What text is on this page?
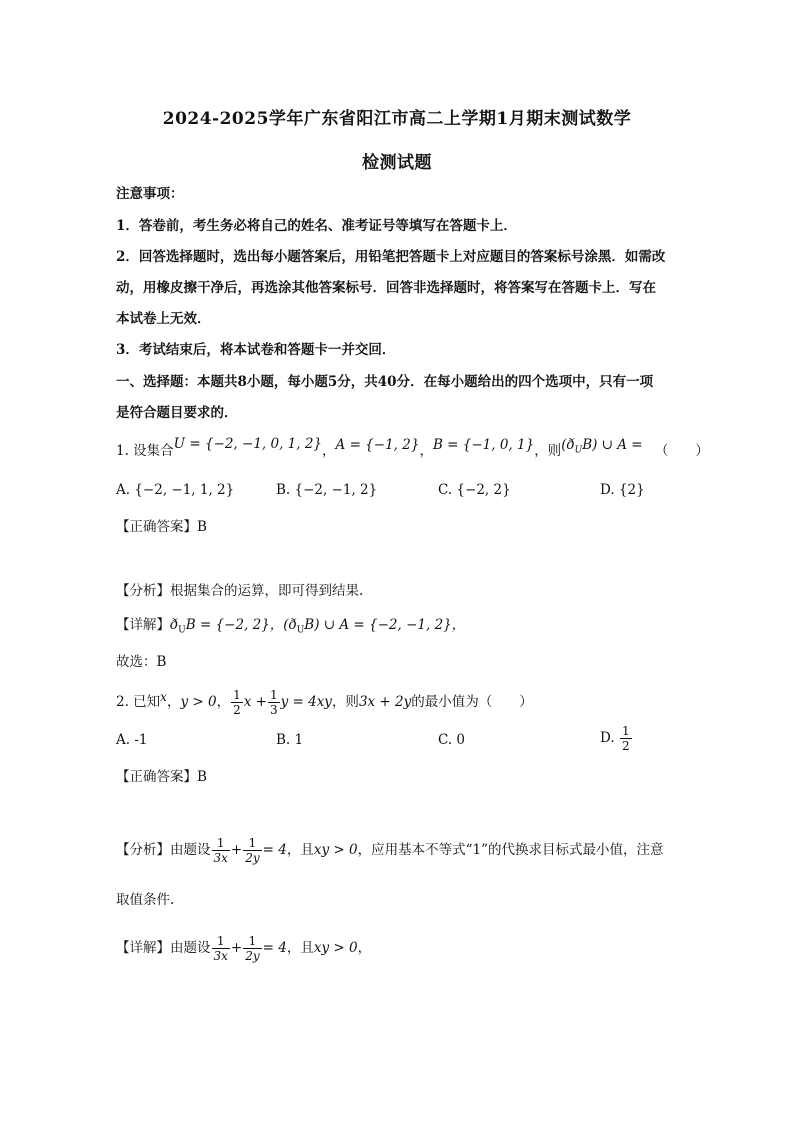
2024-2025学年广东省阳江市高二上学期1月期末测试数学
检测试题
注意事项：
1．答卷前，考生务必将自己的姓名、准考证号等填写在答题卡上．
2．回答选择题时，选出每小题答案后，用铅笔把答题卡上对应题目的答案标号涂黑．如需改
动，用橡皮擦干净后，再选涂其他答案标号．回答非选择题时，将答案写在答题卡上．写在
本试卷上无效．
3．考试结束后，将本试卷和答题卡一并交回．
一、选择题：本题共8小题，每小题5分，共40分．在每小题给出的四个选项中，只有一项
是符合题目要求的．
1. 设集合U = {−2, −1, 0, 1, 2}，A = {−1, 2}，B = {−1, 0, 1}，则$(ð_UB)$ ∪ A = （　　）
A. {−2, −1, 1, 2}	B. {−2, −1, 2}	C. {−2, 2}	D. {2}
【正确答案】B
【分析】根据集合的运算，即可得到结果.
【详解】$ð_UB = \{-2$, 2}，$(ð_UB)$ ∪ A = {−2, −1, 2}，
故选：B
2. 已知x，y > 0， $\frac{1}{2}$ $x + \frac{1}{3}$ y = 4xy，则3x + 2y的最小值为（　　）
A. -1	B. 1	C. 0	D. $\frac{1}{2}$
【正确答案】B
【分析】由题设 $\frac{1}{3x} + \frac{1}{2y} = 4$，且xy > 0，应用基本不等式“1”的代换求目标式最小值，注意
取值条件.
【详解】由题设 $\frac{1}{3x} + \frac{1}{2y} = 4$，且xy > 0，
